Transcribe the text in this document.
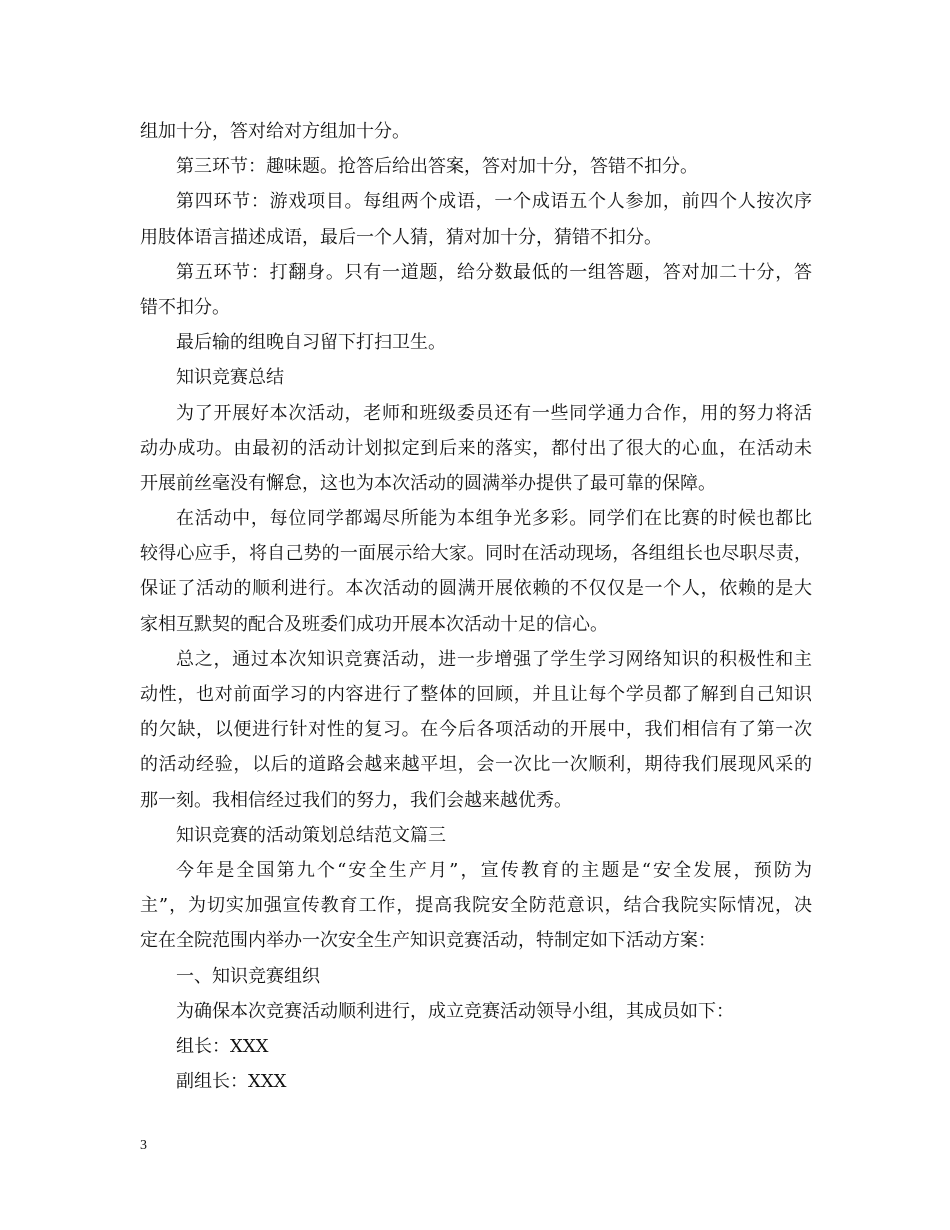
组加十分，答对给对方组加十分。
第三环节：趣味题。抢答后给出答案，答对加十分，答错不扣分。
第四环节：游戏项目。每组两个成语，一个成语五个人参加，前四个人按次序
用肢体语言描述成语，最后一个人猜，猜对加十分，猜错不扣分。
第五环节：打翻身。只有一道题，给分数最低的一组答题，答对加二十分，答
错不扣分。
最后输的组晚自习留下打扫卫生。
知识竞赛总结
为了开展好本次活动，老师和班级委员还有一些同学通力合作，用的努力将活
动办成功。由最初的活动计划拟定到后来的落实，都付出了很大的心血，在活动未
开展前丝毫没有懈怠，这也为本次活动的圆满举办提供了最可靠的保障。
在活动中，每位同学都竭尽所能为本组争光多彩。同学们在比赛的时候也都比
较得心应手，将自己势的一面展示给大家。同时在活动现场，各组组长也尽职尽责，
保证了活动的顺利进行。本次活动的圆满开展依赖的不仅仅是一个人，依赖的是大
家相互默契的配合及班委们成功开展本次活动十足的信心。
总之，通过本次知识竞赛活动，进一步增强了学生学习网络知识的积极性和主
动性，也对前面学习的内容进行了整体的回顾，并且让每个学员都了解到自己知识
的欠缺，以便进行针对性的复习。在今后各项活动的开展中，我们相信有了第一次
的活动经验，以后的道路会越来越平坦，会一次比一次顺利，期待我们展现风采的
那一刻。我相信经过我们的努力，我们会越来越优秀。
知识竞赛的活动策划总结范文篇三
今年是全国第九个“安全生产月”，宣传教育的主题是“安全发展，预防为
主”，为切实加强宣传教育工作，提高我院安全防范意识，结合我院实际情况，决
定在全院范围内举办一次安全生产知识竞赛活动，特制定如下活动方案：
一、知识竞赛组织
为确保本次竞赛活动顺利进行，成立竞赛活动领导小组，其成员如下：
组长：XXX
副组长：XXX
3
